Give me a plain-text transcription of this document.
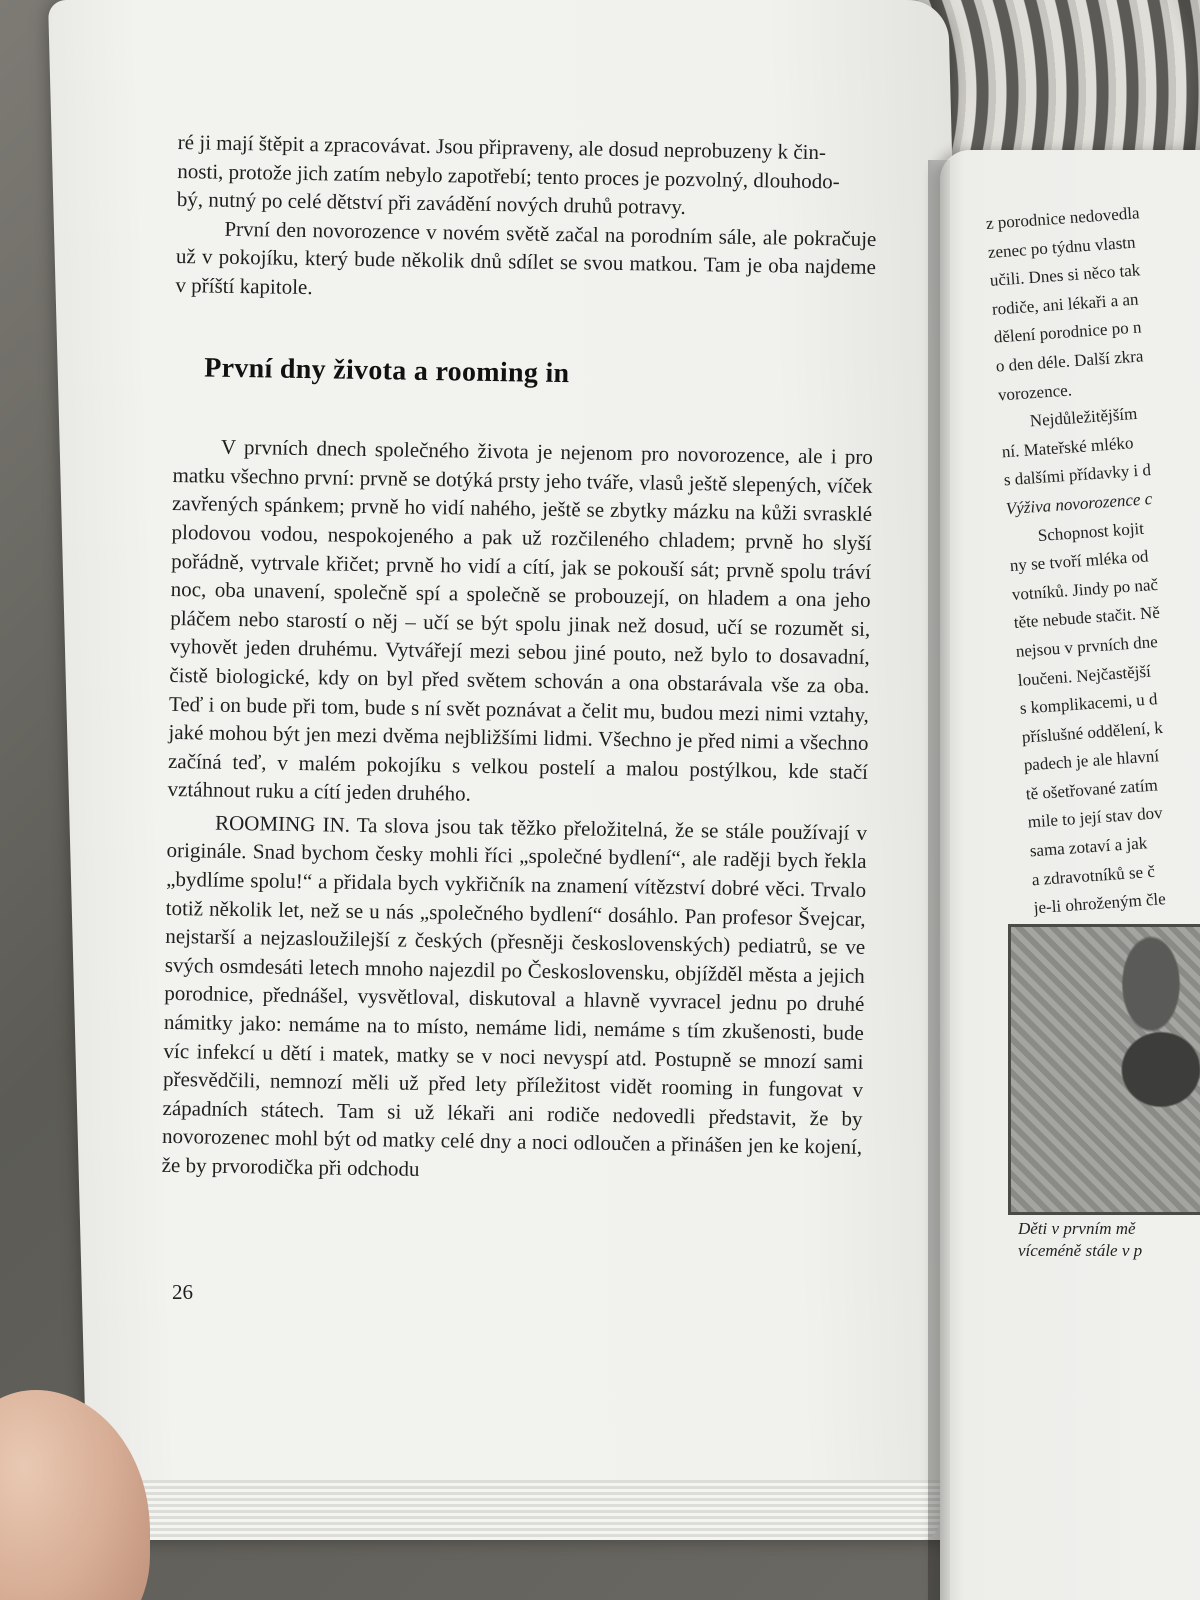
ré ji mají štěpit a zpracovávat. Jsou připraveny, ale dosud neprobuzeny k čin-

nosti, protože jich zatím nebylo zapotřebí; tento proces je pozvolný, dlouhodo-

bý, nutný po celé dětství při zavádění nových druhů potravy.

První den novorozence v novém světě začal na porodním sále, ale pokračuje už v pokojíku, který bude několik dnů sdílet se svou matkou. Tam je oba najdeme v příští kapitole.

První dny života a rooming in

V prvních dnech společného života je nejenom pro novorozence, ale i pro matku všechno první: prvně se dotýká prsty jeho tváře, vlasů ještě slepených, víček zavřených spánkem; prvně ho vidí nahého, ještě se zbytky mázku na kůži svrasklé plodovou vodou, nespokojeného a pak už rozčileného chladem; prvně ho slyší pořádně, vytrvale křičet; prvně ho vidí a cítí, jak se pokouší sát; prvně spolu tráví noc, oba unavení, společně spí a společně se probouzejí, on hladem a ona jeho pláčem nebo starostí o něj – učí se být spolu jinak než dosud, učí se rozumět si, vyhovět jeden druhému. Vytvářejí mezi sebou jiné pouto, než bylo to dosavadní, čistě biologické, kdy on byl před světem schován a ona obstarávala vše za oba. Teď i on bude při tom, bude s ní svět poznávat a čelit mu, budou mezi nimi vztahy, jaké mohou být jen mezi dvěma nejbližšími lidmi. Všechno je před nimi a všechno začíná teď, v malém pokojíku s velkou postelí a malou postýlkou, kde stačí vztáhnout ruku a cítí jeden druhého.

ROOMING IN. Ta slova jsou tak těžko přeložitelná, že se stále používají v originále. Snad bychom česky mohli říci „společné bydlení“, ale raději bych řekla „bydlíme spolu!“ a přidala bych vykřičník na znamení vítězství dobré věci. Trvalo totiž několik let, než se u nás „společného bydlení“ dosáhlo. Pan profesor Švejcar, nejstarší a nejzasloužilejší z českých (přesněji československých) pediatrů, se ve svých osmdesáti letech mnoho najezdil po Československu, objížděl města a jejich porodnice, přednášel, vysvětloval, diskutoval a hlavně vyvracel jednu po druhé námitky jako: nemáme na to místo, nemáme lidi, nemáme s tím zkušenosti, bude víc infekcí u dětí i matek, matky se v noci nevyspí atd. Postupně se mnozí sami přesvědčili, nemnozí měli už před lety příležitost vidět rooming in fungovat v západních státech. Tam si už lékaři ani rodiče nedovedli představit, že by novorozenec mohl být od matky celé dny a noci odloučen a přinášen jen ke kojení, že by prvorodička při odchodu

26
z porodnice nedovedla
zenec po týdnu vlastn
učili. Dnes si něco tak
rodiče, ani lékaři a an
dělení porodnice po n
o den déle. Další zkra
vorozence.
Nejdůležitějším
ní. Mateřské mléko
s dalšími přídavky i d
Výživa novorozence c
Schopnost kojit
ny se tvoří mléka od
votníků. Jindy po nač
těte nebude stačit. Ně
nejsou v prvních dne
loučeni. Nejčastější
s komplikacemi, u d
příslušné oddělení, k
padech je ale hlavní
tě ošetřované zatím
mile to její stav dov
sama zotaví a jak
a zdravotníků se č
je-li ohroženým čle
Děti v prvním mě
víceméně stále v p
